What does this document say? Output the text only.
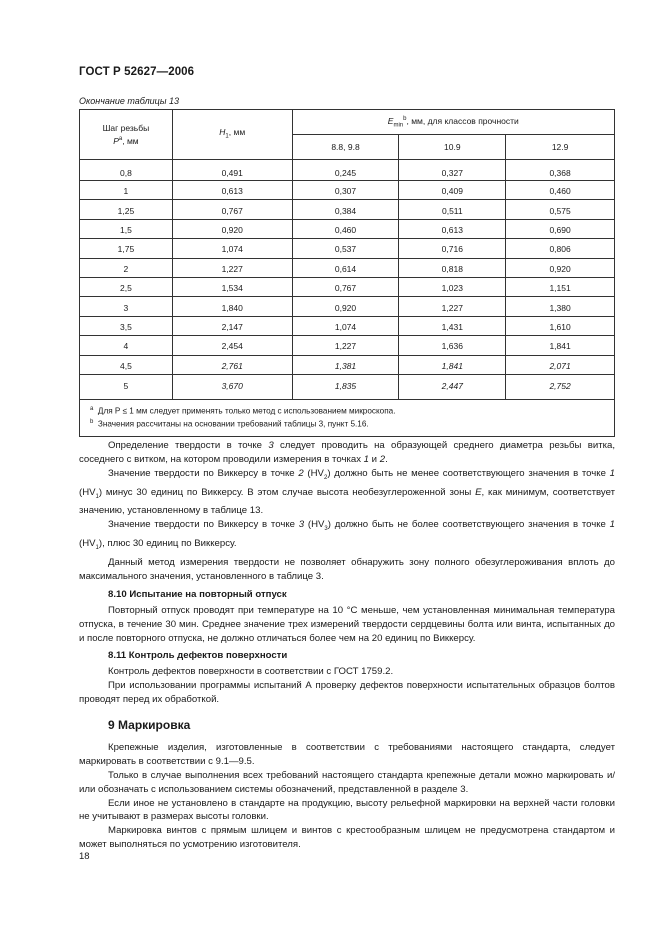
ГОСТ Р 52627—2006
Окончание таблицы 13
Шаг резьбы
$P^a$, мм	$H_1$, мм	$E_{min}^b$, мм, для классов прочности		
		8.8, 9.8	10.9	12.9
0,8	0,491	0,245	0,327	0,368
1	0,613	0,307	0,409	0,460
1,25	0,767	0,384	0,511	0,575
1,5	0,920	0,460	0,613	0,690
1,75	1,074	0,537	0,716	0,806
2	1,227	0,614	0,818	0,920
2,5	1,534	0,767	1,023	1,151
3	1,840	0,920	1,227	1,380
3,5	2,147	1,074	1,431	1,610
4	2,454	1,227	1,636	1,841
4,5	2,761	1,381	1,841	2,071
5	3,670	1,835	2,447	2,752
$^a$ Для P ≤ 1 мм следует применять только метод с использованием микроскопа.
$^b$ Значения рассчитаны на основании требований таблицы 3, пункт 5.16.				

Определение твердости в точке 3 следует проводить на образующей среднего диаметра резьбы витка, соседнего с витком, на котором проводили измерения в точках 1 и 2.

Значение твердости по Виккерсу в точке 2 $(HV_2)$ должно быть не менее соответствующего значения в точке 1 $(HV_1)$ минус 30 единиц по Виккерсу. В этом случае высота необезуглероженной зоны E, как минимум, соответствует значению, установленному в таблице 13.

Значение твердости по Виккерсу в точке 3 $(HV_3)$ должно быть не более соответствующего значения в точке 1 $(HV_1)$, плюс 30 единиц по Виккерсу.

Данный метод измерения твердости не позволяет обнаружить зону полного обезуглероживания вплоть до максимального значения, установленного в таблице 3.

8.10 Испытание на повторный отпуск

Повторный отпуск проводят при температуре на 10 °С меньше, чем установленная минимальная температура отпуска, в течение 30 мин. Среднее значение трех измерений твердости сердцевины болта или винта, испытанных до и после повторного отпуска, не должно отличаться более чем на 20 единиц по Виккерсу.

8.11 Контроль дефектов поверхности

Контроль дефектов поверхности в соответствии с ГОСТ 1759.2.

При использовании программы испытаний А проверку дефектов поверхности испытательных образцов болтов проводят перед их обработкой.

9 Маркировка

Крепежные изделия, изготовленные в соответствии с требованиями настоящего стандарта, следует маркировать в соответствии с 9.1—9.5.

Только в случае выполнения всех требований настоящего стандарта крепежные детали можно маркировать и/или обозначать с использованием системы обозначений, представленной в разделе 3.

Если иное не установлено в стандарте на продукцию, высоту рельефной маркировки на верхней части головки не учитывают в размерах высоты головки.

Маркировка винтов с прямым шлицем и винтов с крестообразным шлицем не предусмотрена стандартом и может выполняться по усмотрению изготовителя.

18
